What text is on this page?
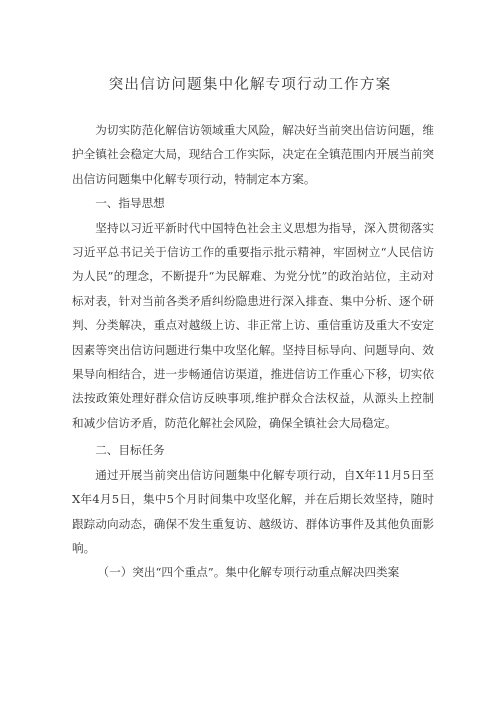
突出信访问题集中化解专项行动工作方案

为切实防范化解信访领域重大风险，解决好当前突出信访问题，维护全镇社会稳定大局，现结合工作实际，决定在全镇范围内开展当前突出信访问题集中化解专项行动，特制定本方案。

一、指导思想

坚持以习近平新时代中国特色社会主义思想为指导，深入贯彻落实习近平总书记关于信访工作的重要指示批示精神，牢固树立“人民信访为人民”的理念，不断提升“为民解难、为党分忧”的政治站位，主动对标对表，针对当前各类矛盾纠纷隐患进行深入排查、集中分析、逐个研判、分类解决，重点对越级上访、非正常上访、重信重访及重大不安定因素等突出信访问题进行集中攻坚化解。坚持目标导向、问题导向、效果导向相结合，进一步畅通信访渠道，推进信访工作重心下移，切实依法按政策处理好群众信访反映事项,维护群众合法权益，从源头上控制和减少信访矛盾，防范化解社会风险，确保全镇社会大局稳定。

二、目标任务

通过开展当前突出信访问题集中化解专项行动，自X年11月5日至X年4月5日，集中5个月时间集中攻坚化解，并在后期长效坚持，随时跟踪动向动态，确保不发生重复访、越级访、群体访事件及其他负面影响。

（一）突出“四个重点”。集中化解专项行动重点解决四类案
